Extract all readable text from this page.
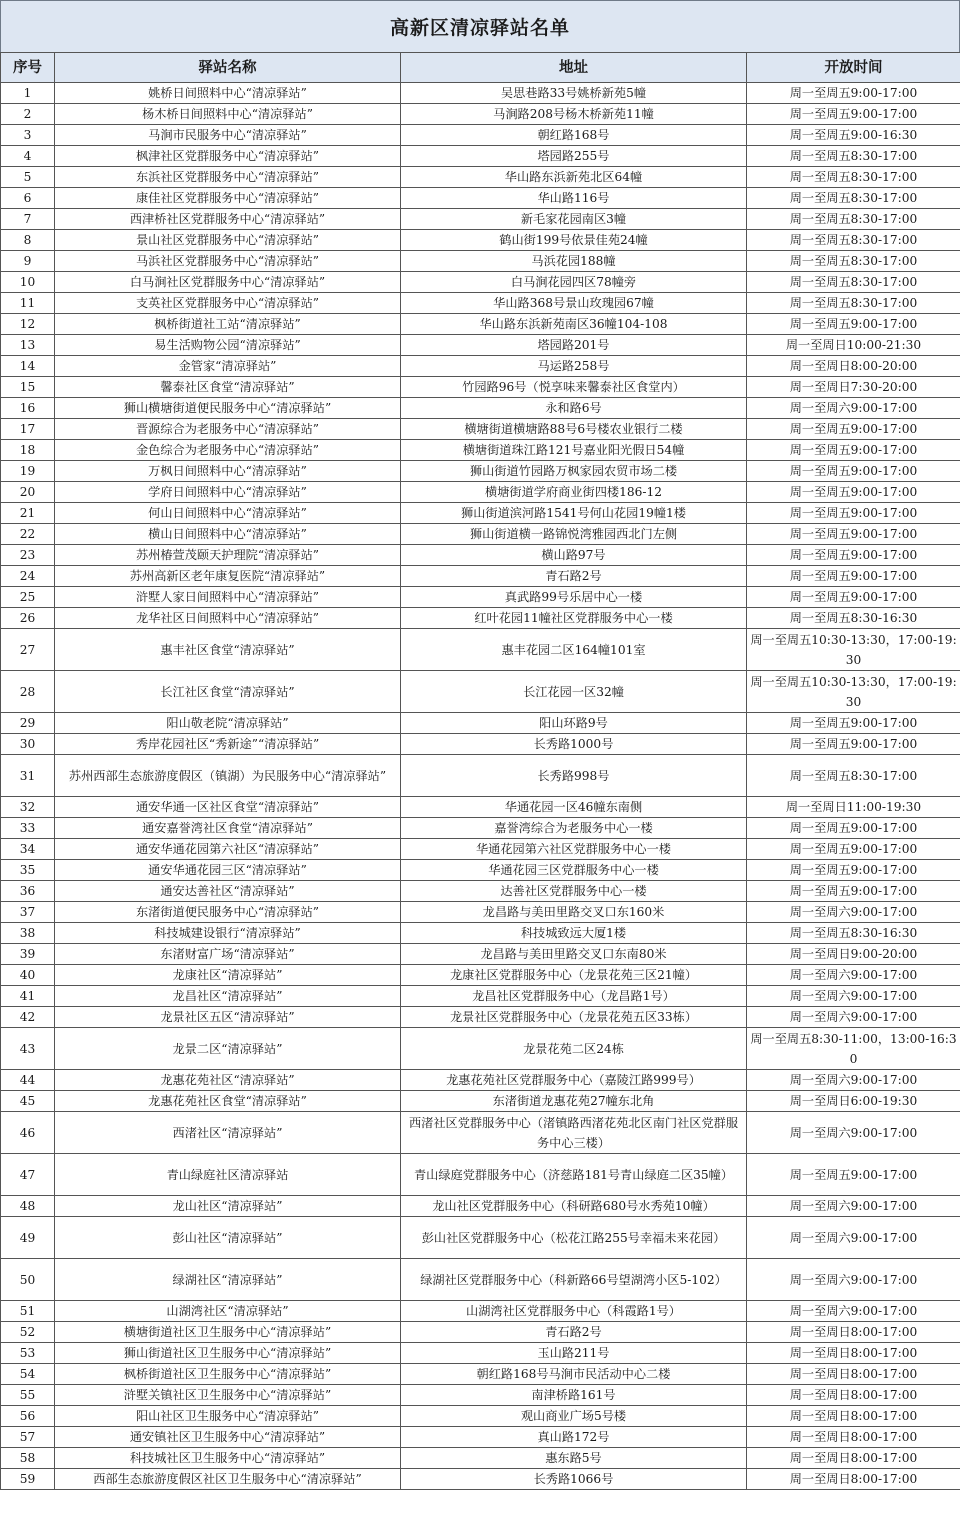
高新区清凉驿站名单
序号	驿站名称	地址	开放时间
1	姚桥日间照料中心“清凉驿站”	吴思巷路33号姚桥新苑5幢	周一至周五9:00-17:00
2	杨木桥日间照料中心“清凉驿站”	马涧路208号杨木桥新苑11幢	周一至周五9:00-17:00
3	马涧市民服务中心“清凉驿站”	朝红路168号	周一至周五9:00-16:30
4	枫津社区党群服务中心“清凉驿站”	塔园路255号	周一至周五8:30-17:00
5	东浜社区党群服务中心“清凉驿站”	华山路东浜新苑北区64幢	周一至周五8:30-17:00
6	康佳社区党群服务中心“清凉驿站”	华山路116号	周一至周五8:30-17:00
7	西津桥社区党群服务中心“清凉驿站”	新毛家花园南区3幢	周一至周五8:30-17:00
8	景山社区党群服务中心“清凉驿站”	鹤山街199号依景佳苑24幢	周一至周五8:30-17:00
9	马浜社区党群服务中心“清凉驿站”	马浜花园188幢	周一至周五8:30-17:00
10	白马涧社区党群服务中心“清凉驿站”	白马涧花园四区78幢旁	周一至周五8:30-17:00
11	支英社区党群服务中心“清凉驿站”	华山路368号景山玫瑰园67幢	周一至周五8:30-17:00
12	枫桥街道社工站“清凉驿站”	华山路东浜新苑南区36幢104-108	周一至周五9:00-17:00
13	易生活购物公园“清凉驿站”	塔园路201号	周一至周日10:00-21:30
14	金管家“清凉驿站”	马运路258号	周一至周日8:00-20:00
15	馨泰社区食堂“清凉驿站”	竹园路96号（悦享味来馨泰社区食堂内）	周一至周日7:30-20:00
16	狮山横塘街道便民服务中心“清凉驿站”	永和路6号	周一至周六9:00-17:00
17	晋源综合为老服务中心“清凉驿站”	横塘街道横塘路88号6号楼农业银行二楼	周一至周五9:00-17:00
18	金色综合为老服务中心“清凉驿站”	横塘街道珠江路121号嘉业阳光假日54幢	周一至周五9:00-17:00
19	万枫日间照料中心“清凉驿站”	狮山街道竹园路万枫家园农贸市场二楼	周一至周五9:00-17:00
20	学府日间照料中心“清凉驿站”	横塘街道学府商业街四楼186-12	周一至周五9:00-17:00
21	何山日间照料中心“清凉驿站”	狮山街道滨河路1541号何山花园19幢1楼	周一至周五9:00-17:00
22	横山日间照料中心“清凉驿站”	狮山街道横一路锦悦湾雅园西北门左侧	周一至周五9:00-17:00
23	苏州椿萱茂颐天护理院“清凉驿站”	横山路97号	周一至周五9:00-17:00
24	苏州高新区老年康复医院“清凉驿站”	青石路2号	周一至周五9:00-17:00
25	浒墅人家日间照料中心“清凉驿站”	真武路99号乐居中心一楼	周一至周五9:00-17:00
26	龙华社区日间照料中心“清凉驿站”	红叶花园11幢社区党群服务中心一楼	周一至周五8:30-16:30
27	惠丰社区食堂“清凉驿站”	惠丰花园二区164幢101室	周一至周五10:30-13:30，17:00-19:30
28	长江社区食堂“清凉驿站”	长江花园一区32幢	周一至周五10:30-13:30，17:00-19:30
29	阳山敬老院“清凉驿站”	阳山环路9号	周一至周五9:00-17:00
30	秀岸花园社区“秀新途”“清凉驿站”	长秀路1000号	周一至周五9:00-17:00
31	苏州西部生态旅游度假区（镇湖）为民服务中心“清凉驿站”	长秀路998号	周一至周五8:30-17:00
32	通安华通一区社区食堂“清凉驿站”	华通花园一区46幢东南侧	周一至周日11:00-19:30
33	通安嘉誉湾社区食堂“清凉驿站”	嘉誉湾综合为老服务中心一楼	周一至周五9:00-17:00
34	通安华通花园第六社区“清凉驿站”	华通花园第六社区党群服务中心一楼	周一至周五9:00-17:00
35	通安华通花园三区“清凉驿站”	华通花园三区党群服务中心一楼	周一至周五9:00-17:00
36	通安达善社区“清凉驿站”	达善社区党群服务中心一楼	周一至周五9:00-17:00
37	东渚街道便民服务中心“清凉驿站”	龙昌路与美田里路交叉口东160米	周一至周六9:00-17:00
38	科技城建设银行“清凉驿站”	科技城致远大厦1楼	周一至周五8:30-16:30
39	东渚财富广场“清凉驿站”	龙昌路与美田里路交叉口东南80米	周一至周日9:00-20:00
40	龙康社区“清凉驿站”	龙康社区党群服务中心（龙景花苑三区21幢）	周一至周六9:00-17:00
41	龙昌社区“清凉驿站”	龙昌社区党群服务中心（龙昌路1号）	周一至周六9:00-17:00
42	龙景社区五区“清凉驿站”	龙景社区党群服务中心（龙景花苑五区33栋）	周一至周六9:00-17:00
43	龙景二区“清凉驿站”	龙景花苑二区24栋	周一至周五8:30-11:00，13:00-16:30
44	龙惠花苑社区“清凉驿站”	龙惠花苑社区党群服务中心（嘉陵江路999号）	周一至周六9:00-17:00
45	龙惠花苑社区食堂“清凉驿站”	东渚街道龙惠花苑27幢东北角	周一至周日6:00-19:30
46	西渚社区“清凉驿站”	西渚社区党群服务中心（渚镇路西渚花苑北区南门社区党群服务中心三楼）	周一至周六9:00-17:00
47	青山绿庭社区清凉驿站	青山绿庭党群服务中心（济慈路181号青山绿庭二区35幢）	周一至周五9:00-17:00
48	龙山社区“清凉驿站”	龙山社区党群服务中心（科研路680号水秀苑10幢）	周一至周六9:00-17:00
49	彭山社区“清凉驿站”	彭山社区党群服务中心（松花江路255号幸福未来花园）	周一至周六9:00-17:00
50	绿湖社区“清凉驿站”	绿湖社区党群服务中心（科新路66号望湖湾小区5-102）	周一至周六9:00-17:00
51	山湖湾社区“清凉驿站”	山湖湾社区党群服务中心（科霞路1号）	周一至周六9:00-17:00
52	横塘街道社区卫生服务中心“清凉驿站”	青石路2号	周一至周日8:00-17:00
53	狮山街道社区卫生服务中心“清凉驿站”	玉山路211号	周一至周日8:00-17:00
54	枫桥街道社区卫生服务中心“清凉驿站”	朝红路168号马涧市民活动中心二楼	周一至周日8:00-17:00
55	浒墅关镇社区卫生服务中心“清凉驿站”	南津桥路161号	周一至周日8:00-17:00
56	阳山社区卫生服务中心“清凉驿站”	观山商业广场5号楼	周一至周日8:00-17:00
57	通安镇社区卫生服务中心“清凉驿站”	真山路172号	周一至周日8:00-17:00
58	科技城社区卫生服务中心“清凉驿站”	惠东路5号	周一至周日8:00-17:00
59	西部生态旅游度假区社区卫生服务中心“清凉驿站”	长秀路1066号	周一至周日8:00-17:00
